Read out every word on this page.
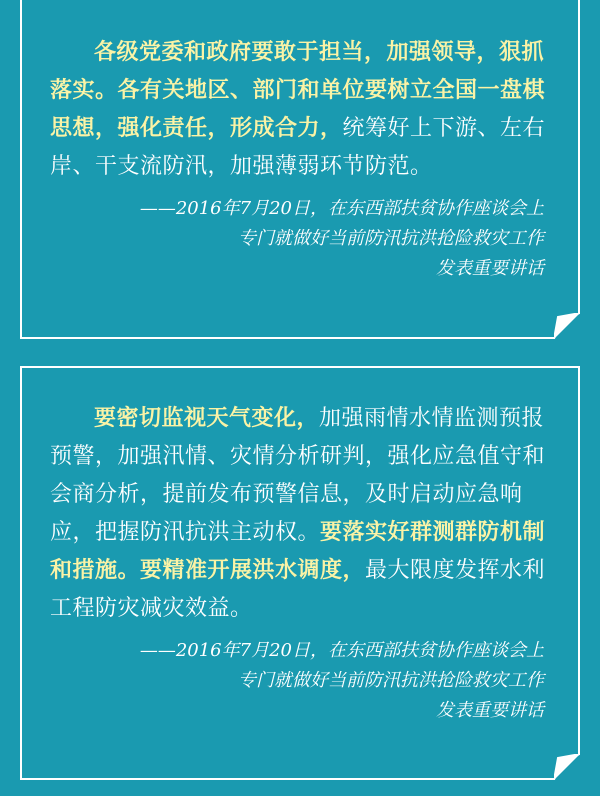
各级党委和政府要敢于担当，加强领导，狠抓落实。各有关地区、部门和单位要树立全国一盘棋思想，强化责任，形成合力，统筹好上下游、左右岸、干支流防汛，加强薄弱环节防范。

——2016年7月20日，在东西部扶贫协作座谈会上
专门就做好当前防汛抗洪抢险救灾工作
发表重要讲话

要密切监视天气变化，加强雨情水情监测预报预警，加强汛情、灾情分析研判，强化应急值守和会商分析，提前发布预警信息，及时启动应急响应，把握防汛抗洪主动权。要落实好群测群防机制和措施。要精准开展洪水调度，最大限度发挥水利工程防灾减灾效益。

——2016年7月20日，在东西部扶贫协作座谈会上
专门就做好当前防汛抗洪抢险救灾工作
发表重要讲话
